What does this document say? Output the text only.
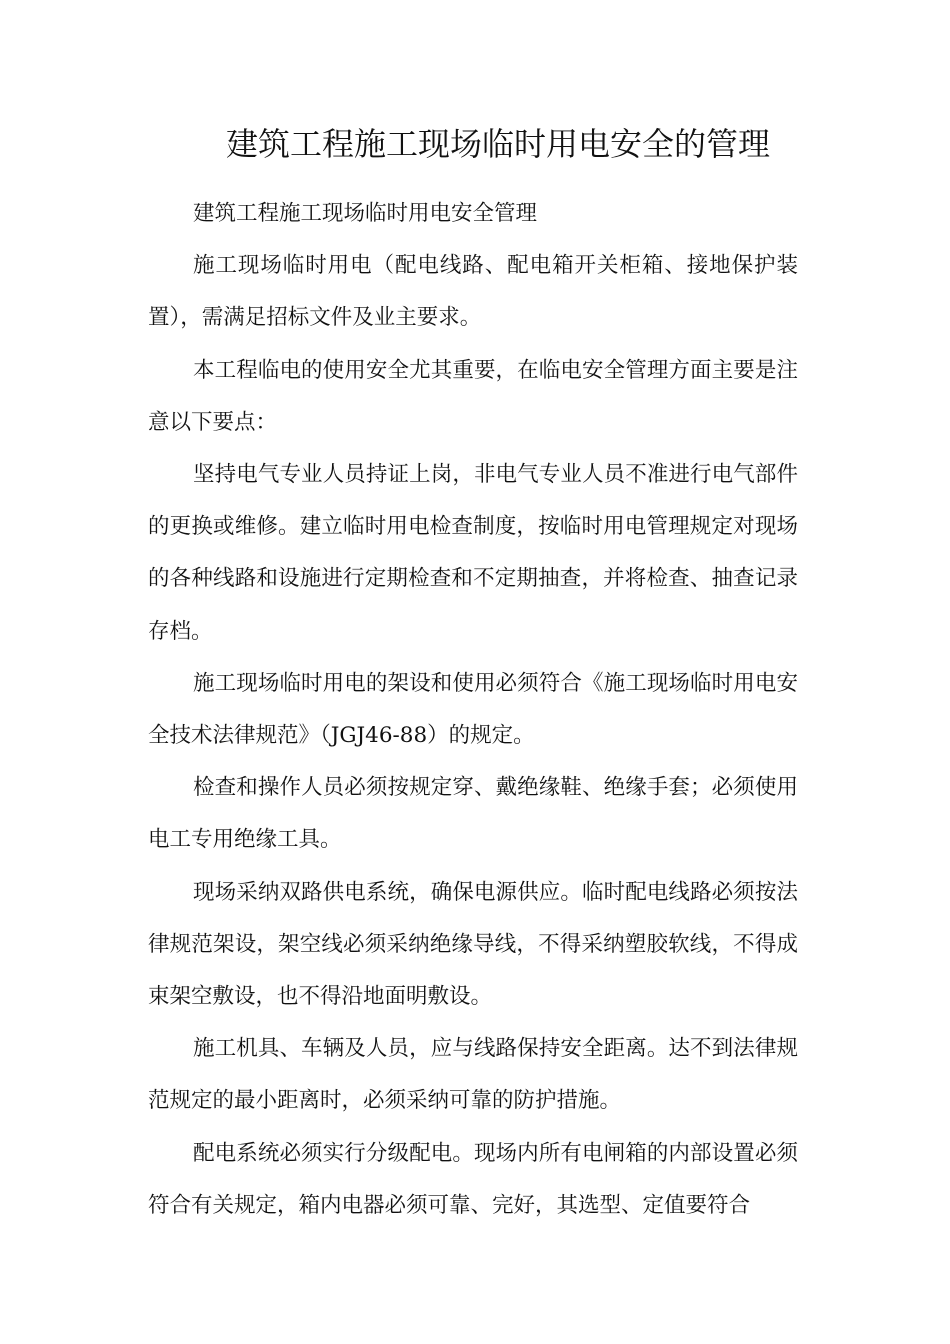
建筑工程施工现场临时用电安全的管理

建筑工程施工现场临时用电安全管理

施工现场临时用电（配电线路、配电箱开关柜箱、接地保护装置），需满足招标文件及业主要求。

本工程临电的使用安全尤其重要，在临电安全管理方面主要是注意以下要点：

坚持电气专业人员持证上岗，非电气专业人员不准进行电气部件的更换或维修。建立临时用电检查制度，按临时用电管理规定对现场的各种线路和设施进行定期检查和不定期抽查，并将检查、抽查记录存档。

施工现场临时用电的架设和使用必须符合《施工现场临时用电安全技术法律规范》（JGJ46-88）的规定。

检查和操作人员必须按规定穿、戴绝缘鞋、绝缘手套；必须使用电工专用绝缘工具。

现场采纳双路供电系统，确保电源供应。临时配电线路必须按法律规范架设，架空线必须采纳绝缘导线，不得采纳塑胶软线，不得成束架空敷设，也不得沿地面明敷设。

施工机具、车辆及人员，应与线路保持安全距离。达不到法律规范规定的最小距离时，必须采纳可靠的防护措施。

配电系统必须实行分级配电。现场内所有电闸箱的内部设置必须符合有关规定，箱内电器必须可靠、完好，其选型、定值要符合
